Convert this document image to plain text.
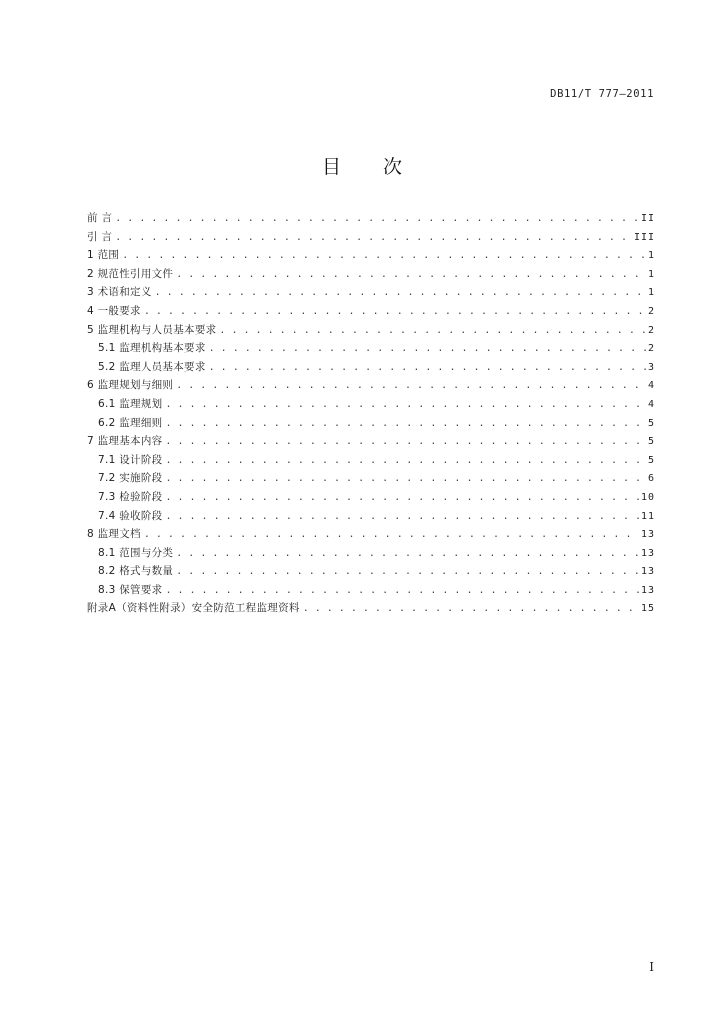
DB11/T 777—2011
目 次
前 言 . . .	II
引 言 . . .	III
1 范围 . . .	1
2 规范性引用文件 . . .	1
3 术语和定义 . . .	1
4 一般要求 . . .	2
5 监理机构与人员基本要求 . . .	2
5.1 监理机构基本要求 . . .	2
5.2 监理人员基本要求 . . .	3
6 监理规划与细则 . . .	4
6.1 监理规划 . . .	4
6.2 监理细则 . . .	5
7 监理基本内容 . . .	5
7.1 设计阶段 . . .	5
7.2 实施阶段 . . .	6
7.3 检验阶段 . . .	10
7.4 验收阶段 . . .	11
8 监理文档 . . .	13
8.1 范围与分类 . . .	13
8.2 格式与数量 . . .	13
8.3 保管要求 . . .	13
附录A（资料性附录）安全防范工程监理资料 . . .	15
I
